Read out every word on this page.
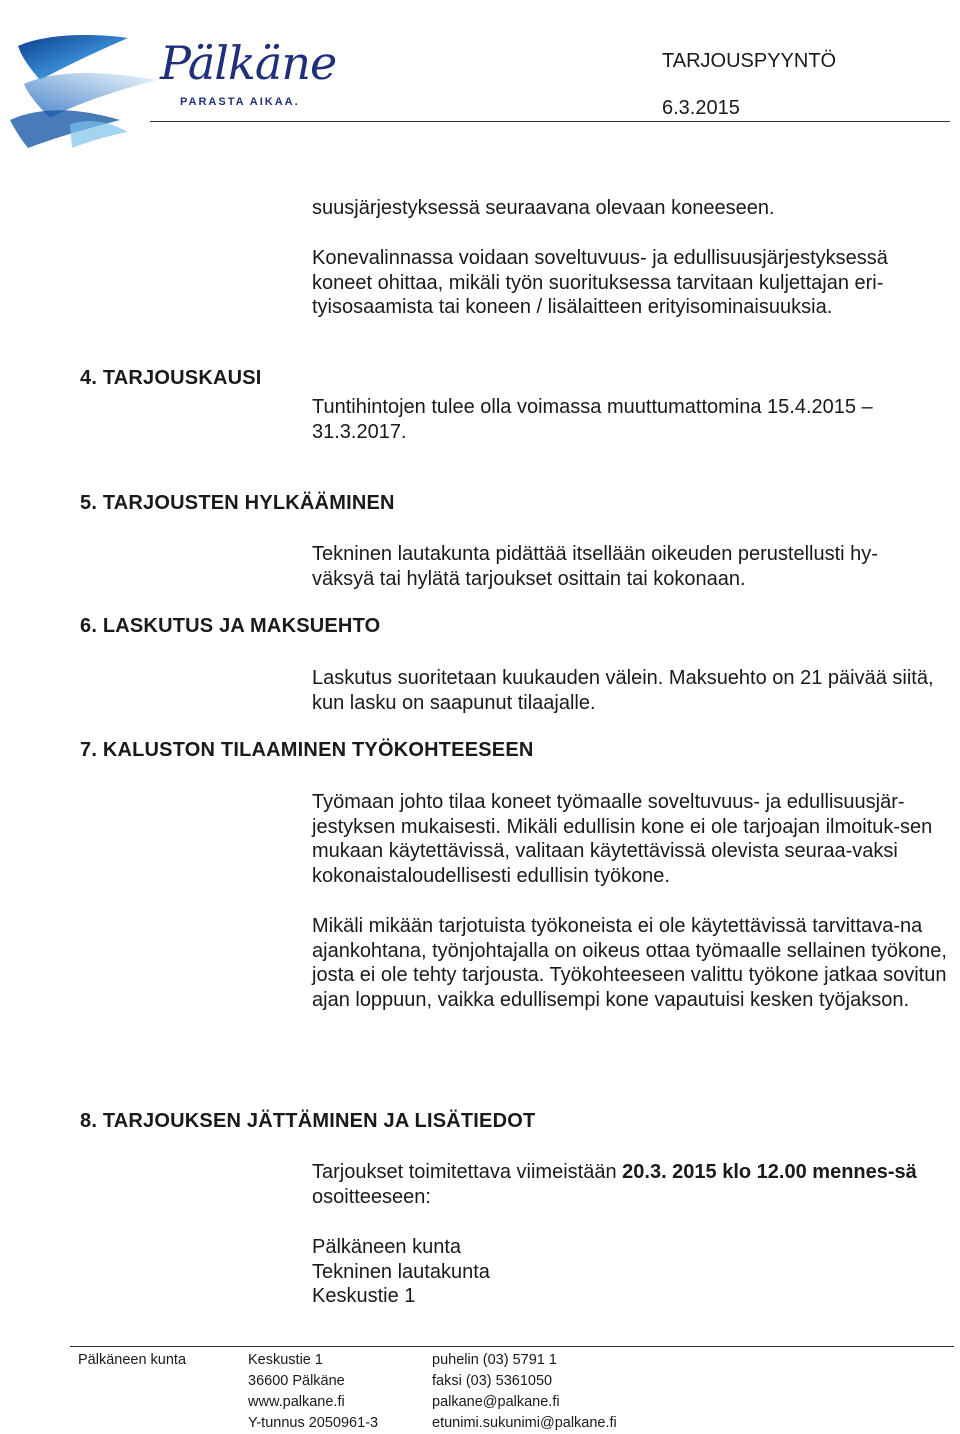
Pälkäne
PARASTA AIKAA.
TARJOUSPYYNTÖ
6.3.2015
suusjärjestyksessä seuraavana olevaan koneeseen.
Konevalinnassa voidaan soveltuvuus- ja edullisuusjärjestyksessä koneet ohittaa, mikäli työn suorituksessa tarvitaan kuljettajan eri-tyisosaamista tai koneen / lisälaitteen erityisominaisuuksia.
4. TARJOUSKAUSI
Tuntihintojen tulee olla voimassa muuttumattomina 15.4.2015 – 31.3.2017.
5. TARJOUSTEN HYLKÄÄMINEN
Tekninen lautakunta pidättää itsellään oikeuden perustellusti hy-väksyä tai hylätä tarjoukset osittain tai kokonaan.
6. LASKUTUS JA MAKSUEHTO
Laskutus suoritetaan kuukauden välein. Maksuehto on 21 päivää siitä, kun lasku on saapunut tilaajalle.
7. KALUSTON TILAAMINEN TYÖKOHTEESEEN
Työmaan johto tilaa koneet työmaalle soveltuvuus- ja edullisuusjär-jestyksen mukaisesti. Mikäli edullisin kone ei ole tarjoajan ilmoituk-sen mukaan käytettävissä, valitaan käytettävissä olevista seuraa-vaksi kokonaistaloudellisesti edullisin työkone.
Mikäli mikään tarjotuista työkoneista ei ole käytettävissä tarvittava-na ajankohtana, työnjohtajalla on oikeus ottaa työmaalle sellainen työkone, josta ei ole tehty tarjousta. Työkohteeseen valittu työkone jatkaa sovitun ajan loppuun, vaikka edullisempi kone vapautuisi kesken työjakson.
8. TARJOUKSEN JÄTTÄMINEN JA LISÄTIEDOT
Tarjoukset toimitettava viimeistään 20.3. 2015 klo 12.00 mennes-sä osoitteeseen:
Pälkäneen kunta
Tekninen lautakunta
Keskustie 1
Pälkäneen kunta	Keskustie 1
36600 Pälkäne
www.palkane.fi
Y-tunnus 2050961-3
puhelin (03) 5791 1
faksi (03) 5361050
palkane@palkane.fi
etunimi.sukunimi@palkane.fi
